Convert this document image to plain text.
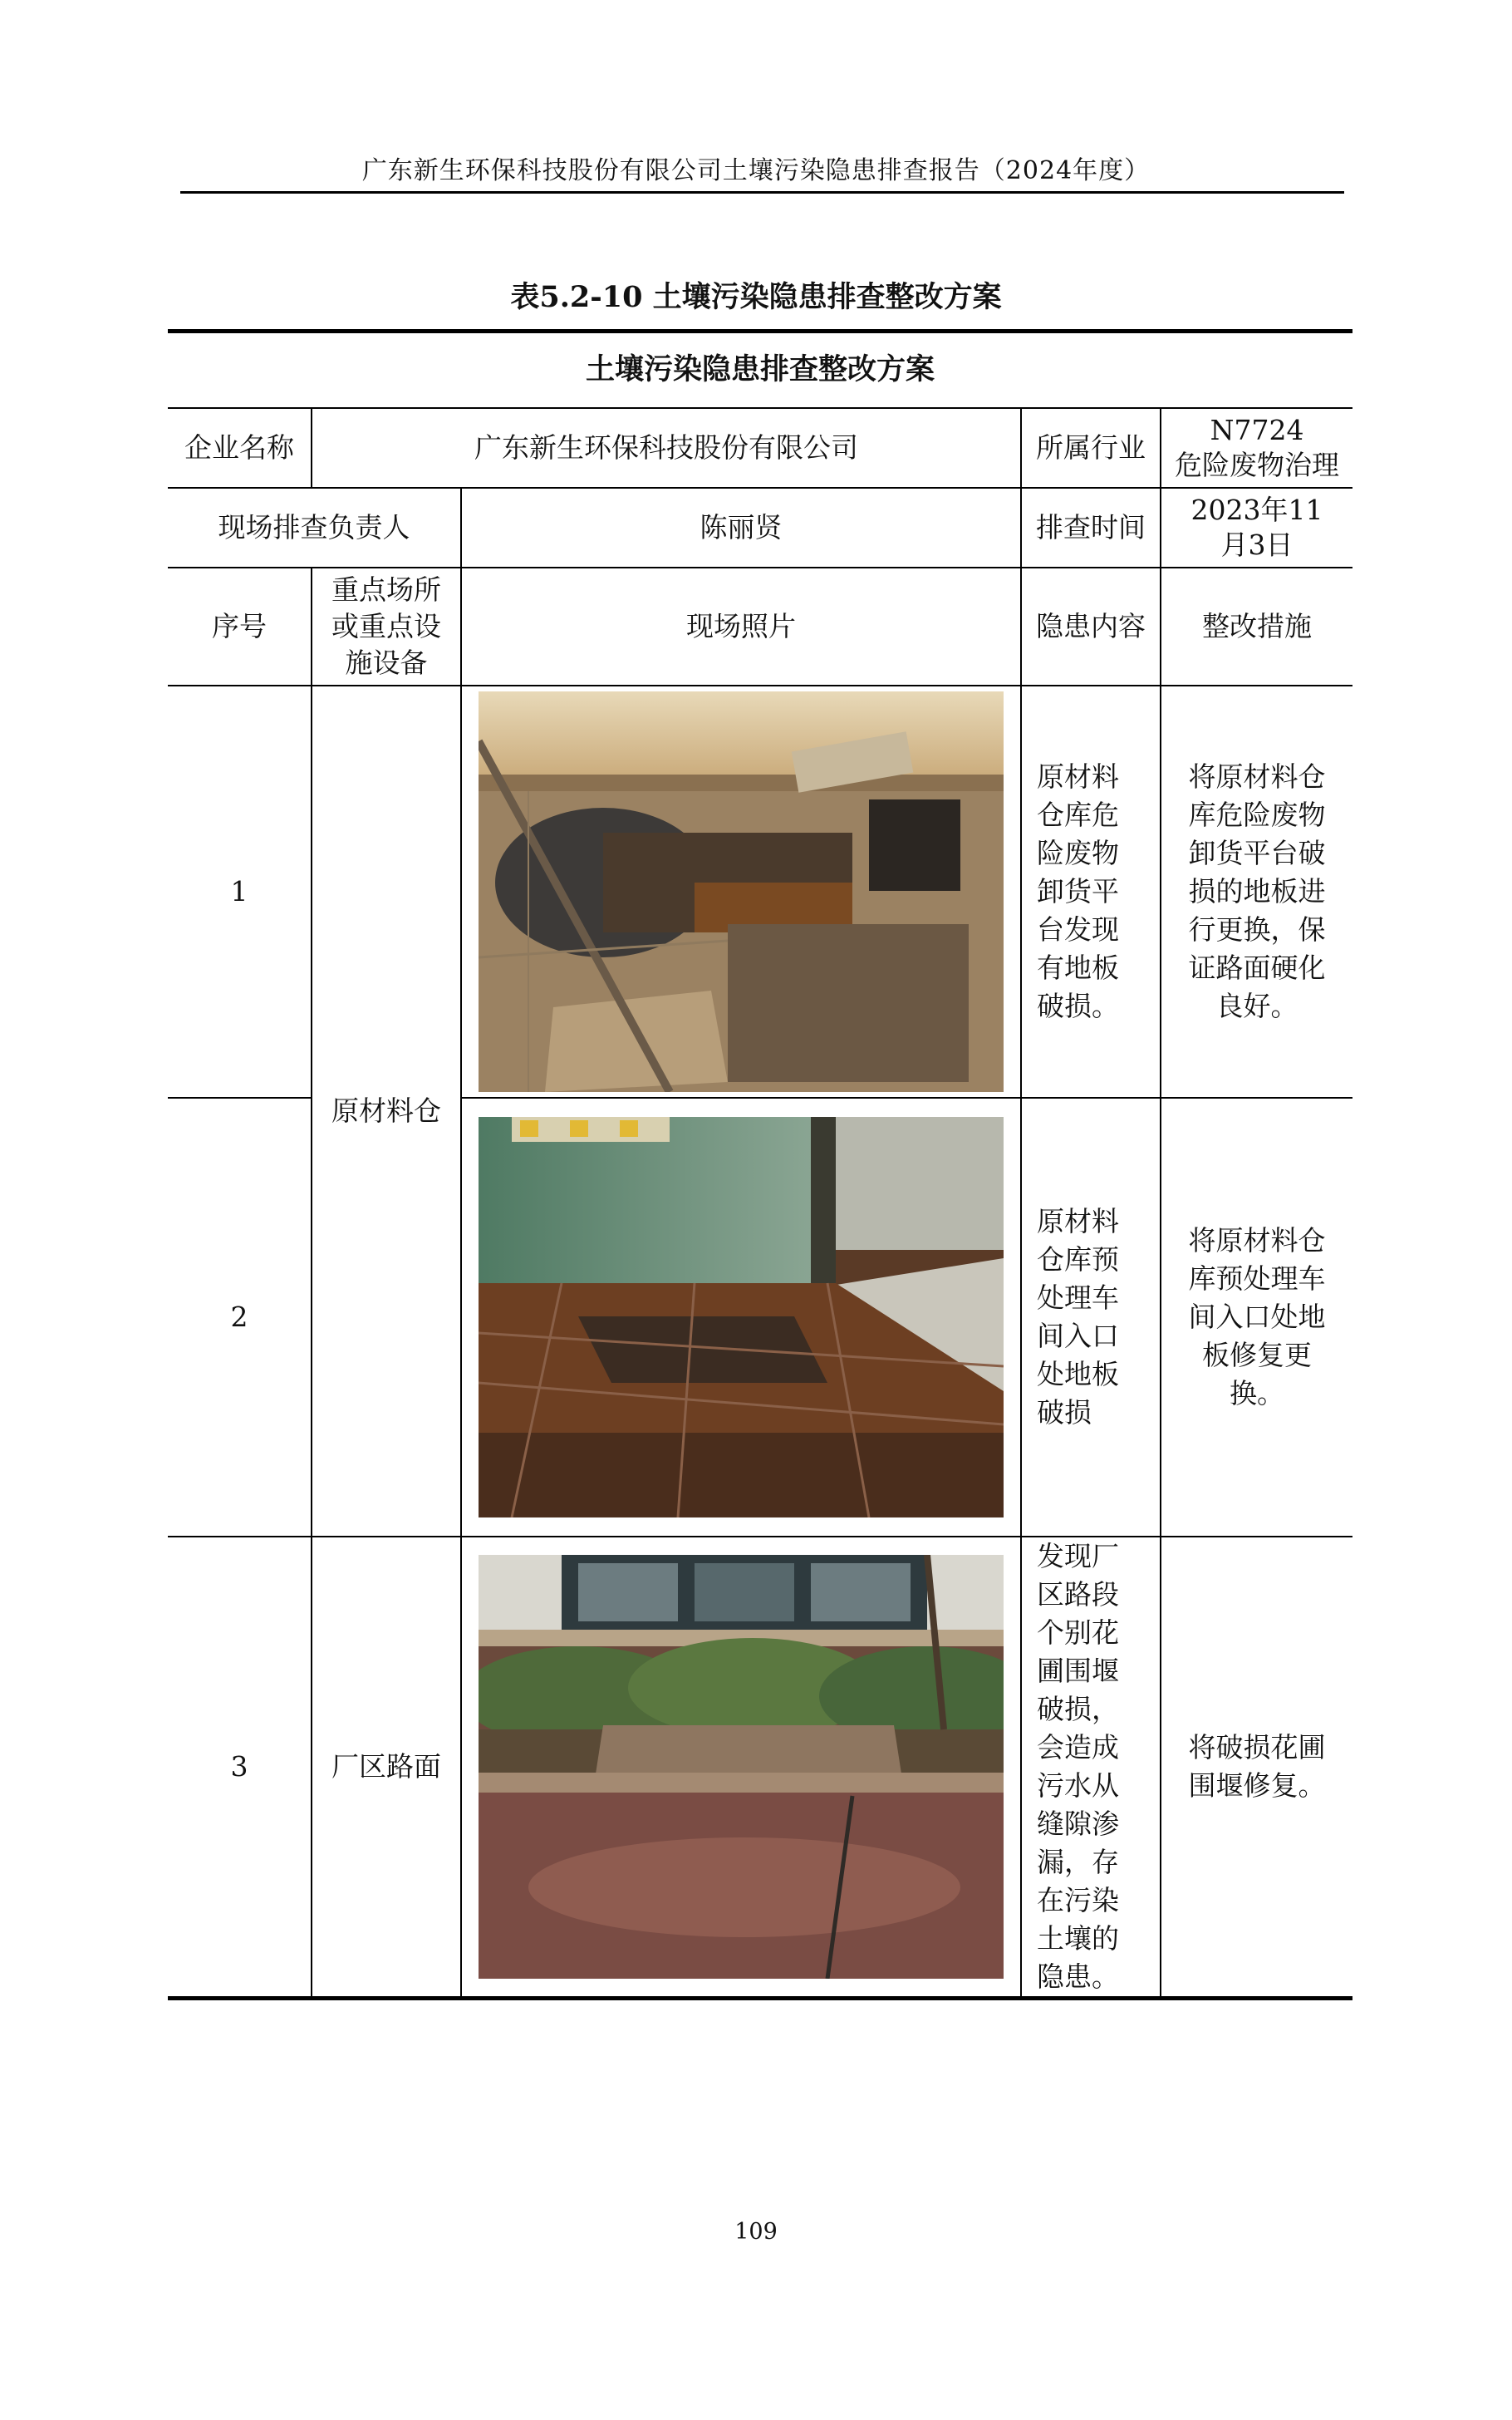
广东新生环保科技股份有限公司土壤污染隐患排查报告（2024年度）
表5.2-10 土壤污染隐患排查整改方案
土壤污染隐患排查整改方案				
企业名称	广东新生环保科技股份有限公司		所属行业	N7724
危险废物治理
现场排查负责人		陈丽贤	排查时间	2023年11月3日
序号	重点场所或重点设施设备	现场照片	隐患内容	整改措施
1	原材料仓		原材料仓库危险废物卸货平台发现有地板破损。	将原材料仓库危险废物卸货平台破损的地板进行更换，保证路面硬化良好。
2			原材料仓库预处理车间入口处地板破损	将原材料仓库预处理车间入口处地板修复更换。
3	厂区路面		发现厂区路段个别花圃围堰破损，会造成污水从缝隙渗漏，存在污染土壤的隐患。	将破损花圃围堰修复。
109
